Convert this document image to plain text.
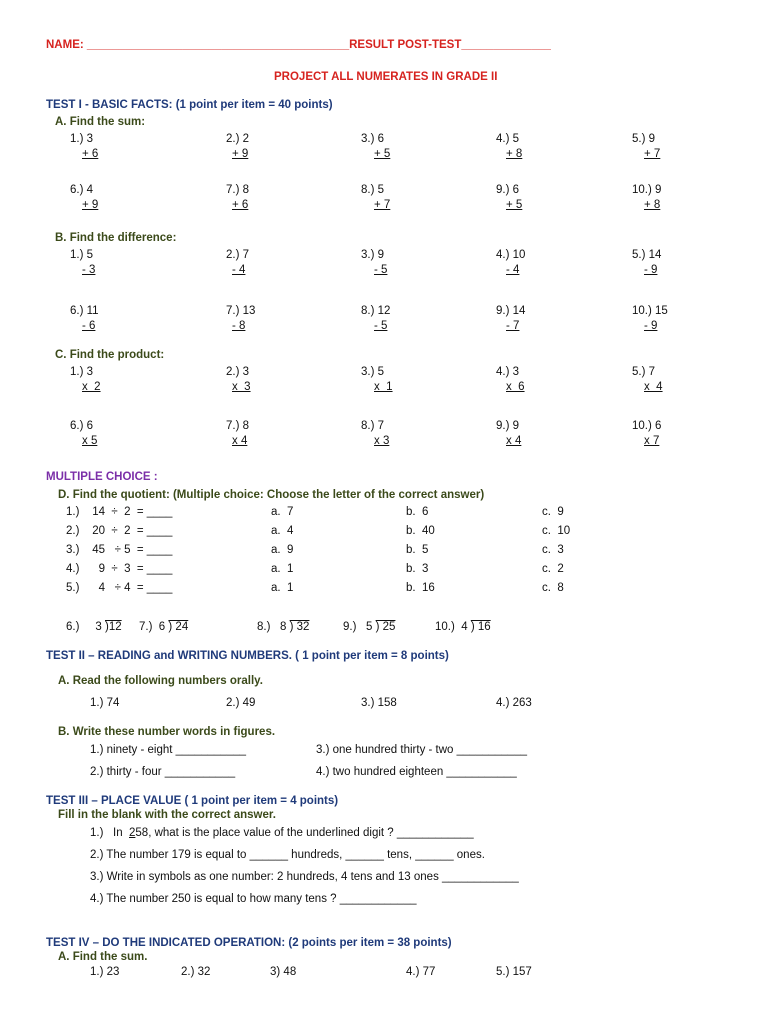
NAME: _________________________________________RESULT POST-TEST______________
PROJECT ALL NUMERATES IN GRADE II
TEST I - BASIC FACTS: (1 point per item = 40 points)
A. Find the sum:
1.) 3
+ 6
2.) 2
+ 9
3.) 6
+ 5
4.) 5
+ 8
5.) 9
+ 7
6.) 4
+ 9
7.) 8
+ 6
8.) 5
+ 7
9.) 6
+ 5
10.) 9
+ 8
B. Find the difference:
1.) 5
- 3
2.) 7
- 4
3.) 9
- 5
4.) 10
- 4
5.) 14
- 9
6.) 11
- 6
7.) 13
- 8
8.) 12
- 5
9.) 14
- 7
10.) 15
- 9
C. Find the product:
1.) 3
x  2
2.) 3
x  3
3.) 5
x  1
4.) 3
x  6
5.) 7
x  4
6.) 6
x 5
7.) 8
x 4
8.) 7
x 3
9.) 9
x 4
10.) 6
x 7
MULTIPLE CHOICE :
D. Find the quotient: (Multiple choice: Choose the letter of the correct answer)
1.)    14  ÷  2  = ____	a.  7	b.  6	c.  9
2.)    20  ÷  2  = ____	a.  4	b.  40	c.  10
3.)    45   ÷ 5  = ____	a.  9	b.  5	c.  3
4.)      9  ÷  3  = ____	a.  1	b.  3	c.  2
5.)      4   ÷ 4  = ____	a.  1	b.  16	c.  8
6.)     3 )12 7.)  6 ) 24	8.)   8 ) 32	9.)   5 ) 25	10.)  4 ) 16
TEST II – READING and WRITING NUMBERS. ( 1 point per item = 8 points)
A. Read the following numbers orally.
1.) 74	2.) 49	3.) 158	4.) 263
B. Write these number words in figures.
1.) ninety - eight ___________	3.) one hundred thirty - two ___________
2.) thirty - four ___________	4.) two hundred eighteen ___________
TEST III – PLACE VALUE ( 1 point per item = 4 points)
Fill in the blank with the correct answer.
1.)   In  258, what is the place value of the underlined digit ? ____________
2.) The number 179 is equal to ______ hundreds, ______ tens, ______ ones.
3.) Write in symbols as one number: 2 hundreds, 4 tens and 13 ones ____________
4.) The number 250 is equal to how many tens ? ____________
TEST IV – DO THE INDICATED OPERATION: (2 points per item = 38 points)
A. Find the sum.
1.) 23	2.) 32	3) 48	4.) 77	5.) 157
